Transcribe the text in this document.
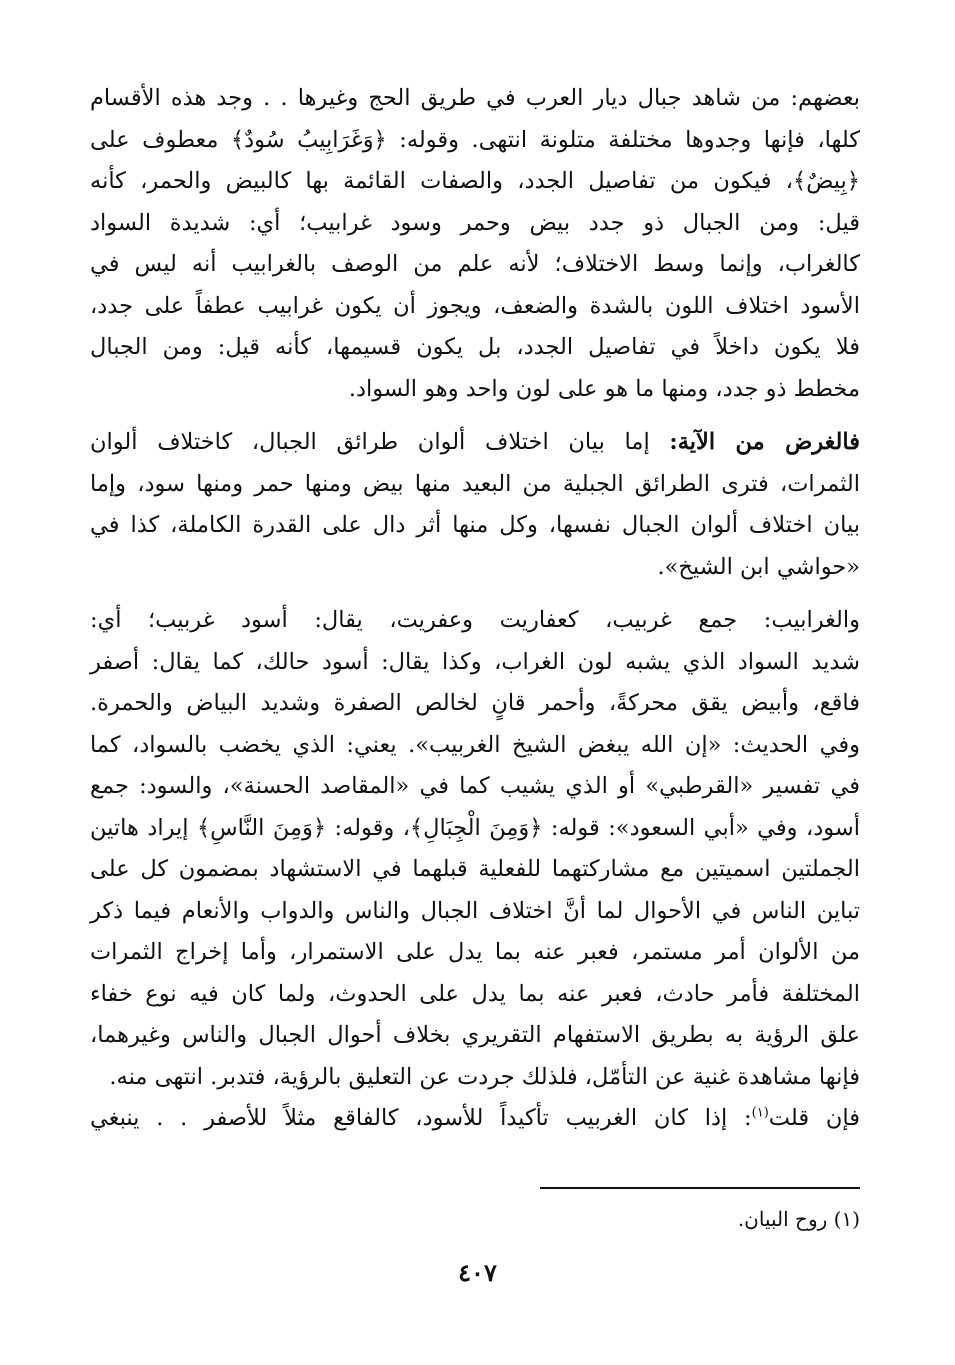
بعضهم: من شاهد جبال ديار العرب في طريق الحج وغيرها . . وجد هذه الأقسام
كلها، فإنها وجدوها مختلفة متلونة انتهى. وقوله: ﴿وَغَرَابِيبُ سُودٌ﴾ معطوف على
﴿بِيضٌ﴾، فيكون من تفاصيل الجدد، والصفات القائمة بها كالبيض والحمر، كأنه
قيل: ومن الجبال ذو جدد بيض وحمر وسود غرابيب؛ أي: شديدة السواد
كالغراب، وإنما وسط الاختلاف؛ لأنه علم من الوصف بالغرابيب أنه ليس في
الأسود اختلاف اللون بالشدة والضعف، ويجوز أن يكون غرابيب عطفاً على جدد،
فلا يكون داخلاً في تفاصيل الجدد، بل يكون قسيمها، كأنه قيل: ومن الجبال
مخطط ذو جدد، ومنها ما هو على لون واحد وهو السواد.
فالغرض من الآية: إما بيان اختلاف ألوان طرائق الجبال، كاختلاف ألوان
الثمرات، فترى الطرائق الجبلية من البعيد منها بيض ومنها حمر ومنها سود، وإما
بيان اختلاف ألوان الجبال نفسها، وكل منها أثر دال على القدرة الكاملة، كذا في
«حواشي ابن الشيخ».
والغرابيب: جمع غربيب، كعفاريت وعفريت، يقال: أسود غربيب؛ أي:
شديد السواد الذي يشبه لون الغراب، وكذا يقال: أسود حالك، كما يقال: أصفر
فاقع، وأبيض يقق محركةً، وأحمر قانٍ لخالص الصفرة وشديد البياض والحمرة.
وفي الحديث: «إن الله يبغض الشيخ الغربيب». يعني: الذي يخضب بالسواد، كما
في تفسير «القرطبي» أو الذي يشيب كما في «المقاصد الحسنة»، والسود: جمع
أسود، وفي «أبي السعود»: قوله: ﴿وَمِنَ الْجِبَالِ﴾، وقوله: ﴿وَمِنَ النَّاسِ﴾ إيراد هاتين
الجملتين اسميتين مع مشاركتهما للفعلية قبلهما في الاستشهاد بمضمون كل على
تباين الناس في الأحوال لما أنَّ اختلاف الجبال والناس والدواب والأنعام فيما ذكر
من الألوان أمر مستمر، فعبر عنه بما يدل على الاستمرار، وأما إخراج الثمرات
المختلفة فأمر حادث، فعبر عنه بما يدل على الحدوث، ولما كان فيه نوع خفاء
علق الرؤية به بطريق الاستفهام التقريري بخلاف أحوال الجبال والناس وغيرهما،
فإنها مشاهدة غنية عن التأمّل، فلذلك جردت عن التعليق بالرؤية، فتدبر. انتهى منه.
فإن قلت$^{(١)}$: إذا كان الغربيب تأكيداً للأسود، كالفاقع مثلاً للأصفر . . ينبغي
(١) روح البيان.
٤٠٧
